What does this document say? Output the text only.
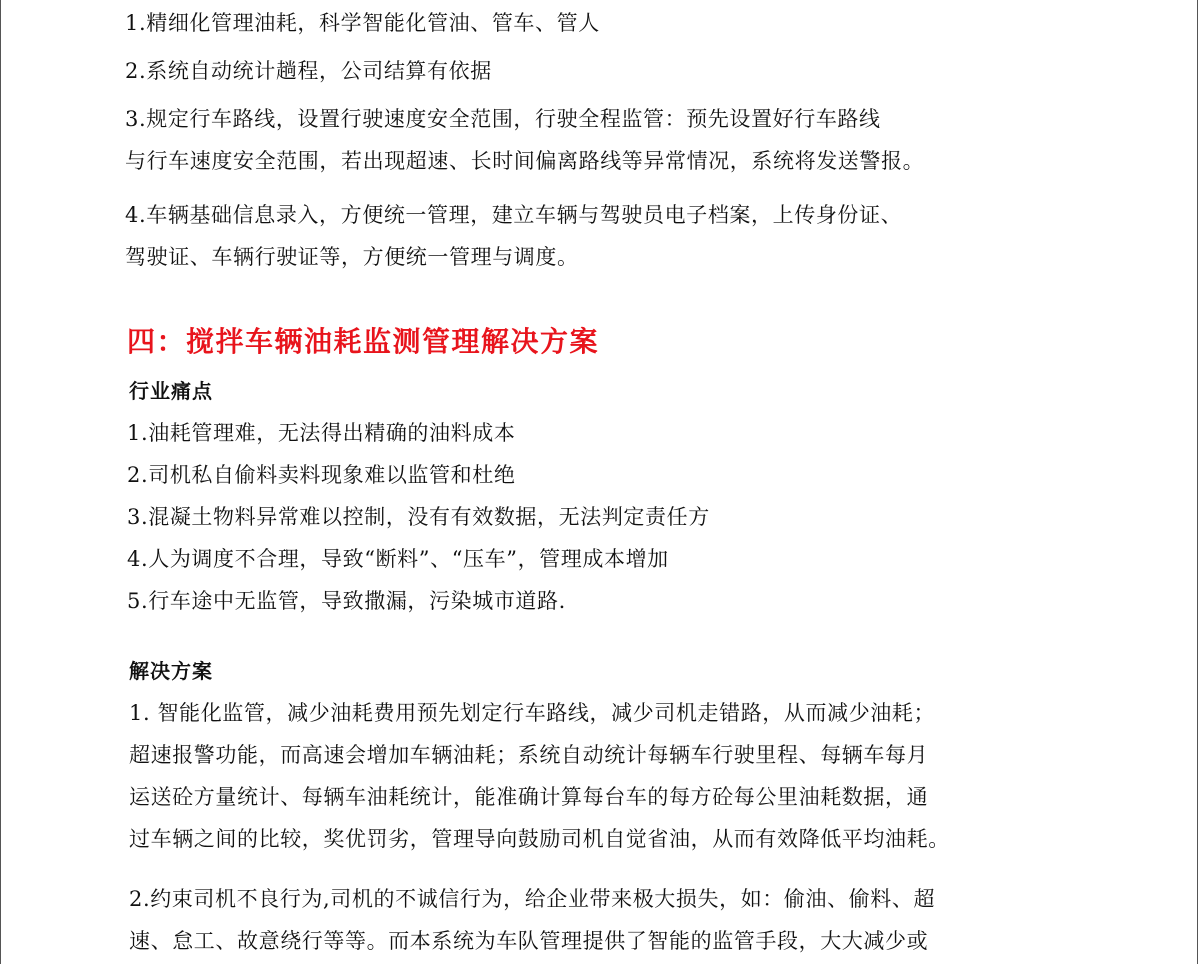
1.精细化管理油耗，科学智能化管油、管车、管人
2.系统自动统计趟程，公司结算有依据
3.规定行车路线，设置行驶速度安全范围，行驶全程监管：预先设置好行车路线
与行车速度安全范围，若出现超速、长时间偏离路线等异常情况，系统将发送警报。
4.车辆基础信息录入，方便统一管理，建立车辆与驾驶员电子档案，上传身份证、
驾驶证、车辆行驶证等，方便统一管理与调度。
四：搅拌车辆油耗监测管理解决方案
行业痛点
1.油耗管理难，无法得出精确的油料成本
2.司机私自偷料卖料现象难以监管和杜绝
3.混凝土物料异常难以控制，没有有效数据，无法判定责任方
4.人为调度不合理，导致“断料”、“压车”，管理成本增加
5.行车途中无监管，导致撒漏，污染城市道路.
解决方案
1. 智能化监管，减少油耗费用预先划定行车路线，减少司机走错路，从而减少油耗；
超速报警功能，而高速会增加车辆油耗；系统自动统计每辆车行驶里程、每辆车每月
运送砼方量统计、每辆车油耗统计，能准确计算每台车的每方砼每公里油耗数据，通
过车辆之间的比较，奖优罚劣，管理导向鼓励司机自觉省油，从而有效降低平均油耗。
2.约束司机不良行为,司机的不诚信行为，给企业带来极大损失，如：偷油、偷料、超
速、怠工、故意绕行等等。而本系统为车队管理提供了智能的监管手段，大大减少或
